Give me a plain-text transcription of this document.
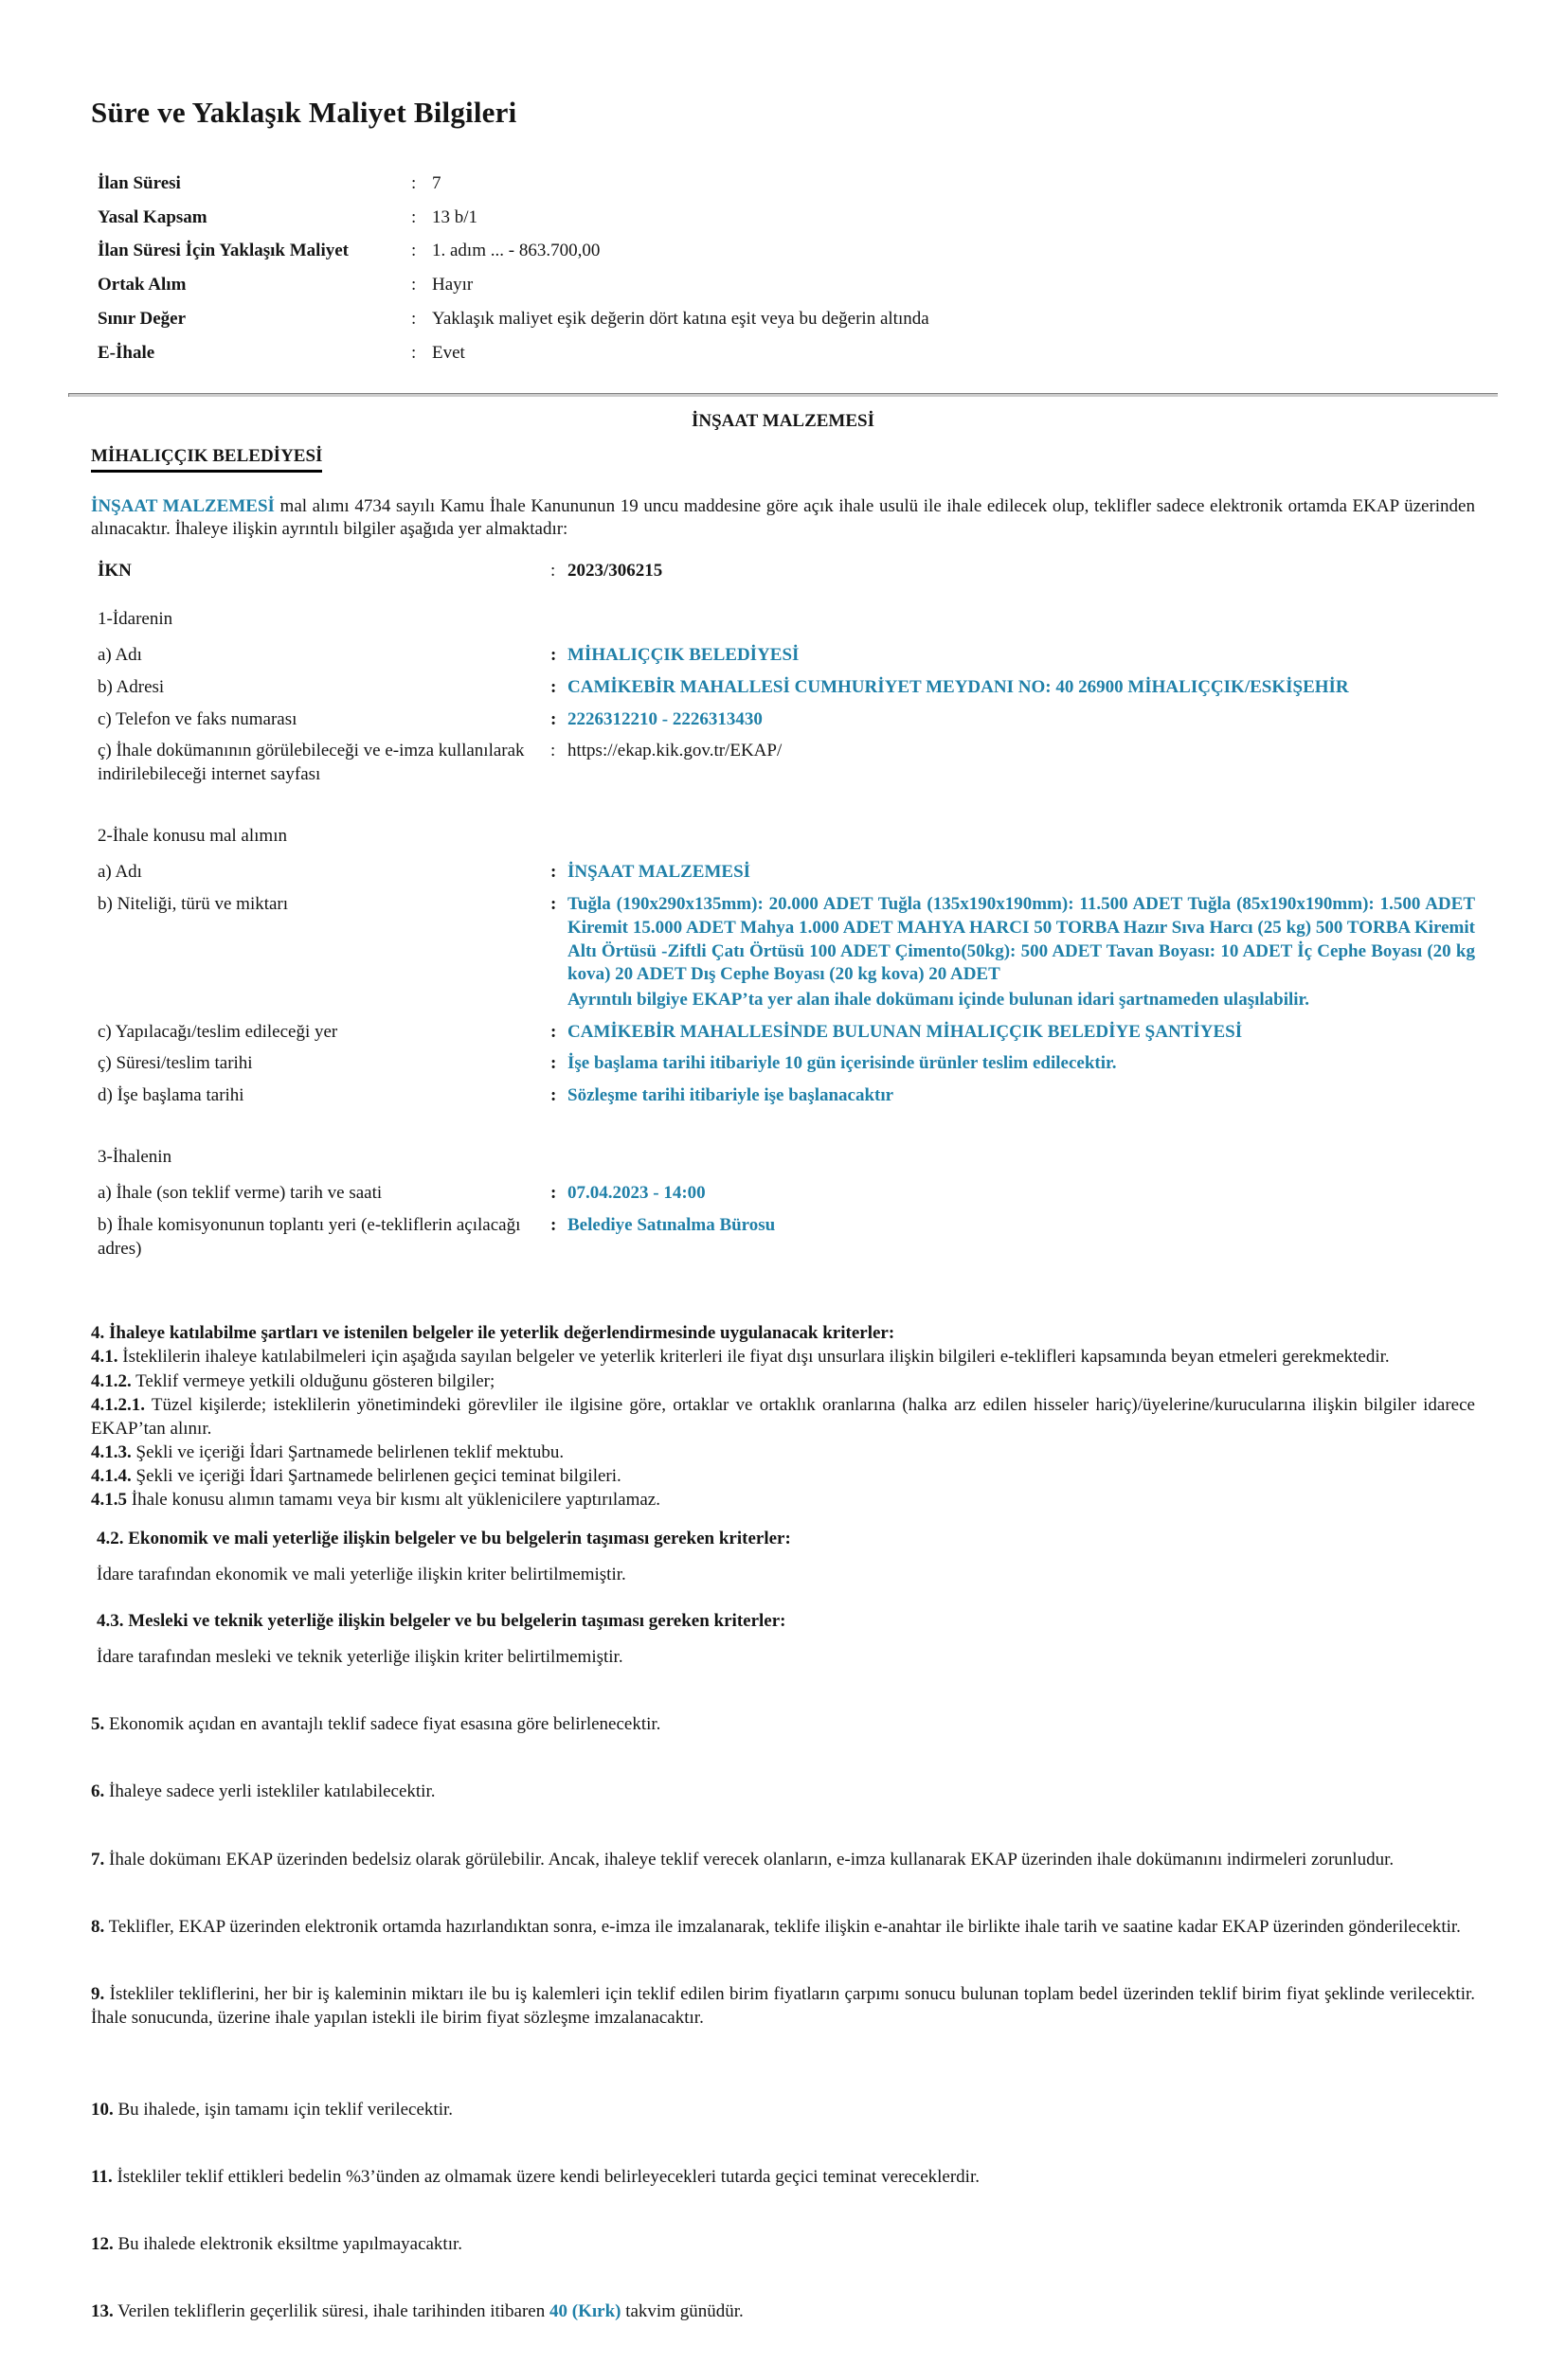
Süre ve Yaklaşık Maliyet Bilgileri
İlan Süresi	: 7
Yasal Kapsam	: 13 b/1
İlan Süresi İçin Yaklaşık Maliyet	: 1. adım ... - 863.700,00
Ortak Alım	: Hayır
Sınır Değer	: Yaklaşık maliyet eşik değerin dört katına eşit veya bu değerin altında
E-İhale	: Evet
İNŞAAT MALZEMESİ
MİHALIÇÇIK BELEDİYESİ

İNŞAAT MALZEMESİ mal alımı 4734 sayılı Kamu İhale Kanununun 19 uncu maddesine göre açık ihale usulü ile ihale edilecek olup, teklifler sadece elektronik ortamda EKAP üzerinden alınacaktır. İhaleye ilişkin ayrıntılı bilgiler aşağıda yer almaktadır:

İKN	: 2023/306215
1-İdarenin
a) Adı	: MİHALIÇÇIK BELEDİYESİ
b) Adresi	: CAMİKEBİR MAHALLESİ CUMHURİYET MEYDANI NO: 40 26900 MİHALIÇÇIK/ESKİŞEHİR
c) Telefon ve faks numarası	: 2226312210 - 2226313430
ç) İhale dokümanının görülebileceği ve e-imza kullanılarak indirilebileceği internet sayfası
: https://ekap.kik.gov.tr/EKAP/
2-İhale konusu mal alımın
a) Adı	: İNŞAAT MALZEMESİ
b) Niteliği, türü ve miktarı	: Tuğla (190x290x135mm): 20.000 ADET Tuğla (135x190x190mm): 11.500 ADET Tuğla (85x190x190mm): 1.500 ADET Kiremit 15.000 ADET Mahya 1.000 ADET MAHYA HARCI 50 TORBA Hazır Sıva Harcı (25 kg) 500 TORBA Kiremit Altı Örtüsü -Ziftli Çatı Örtüsü 100 ADET Çimento(50kg): 500 ADET Tavan Boyası: 10 ADET İç Cephe Boyası (20 kg kova) 20 ADET Dış Cephe Boyası (20 kg kova) 20 ADET
Ayrıntılı bilgiye EKAP’ta yer alan ihale dokümanı içinde bulunan idari şartnameden ulaşılabilir.
c) Yapılacağı/teslim edileceği yer	: CAMİKEBİR MAHALLESİNDE BULUNAN MİHALIÇÇIK BELEDİYE ŞANTİYESİ
ç) Süresi/teslim tarihi	: İşe başlama tarihi itibariyle 10 gün içerisinde ürünler teslim edilecektir.
d) İşe başlama tarihi	: Sözleşme tarihi itibariyle işe başlanacaktır
3-İhalenin
a) İhale (son teklif verme) tarih ve saati	: 07.04.2023 - 14:00
b) İhale komisyonunun toplantı yeri (e-tekliflerin açılacağı adres)
: Belediye Satınalma Bürosu

4. İhaleye katılabilme şartları ve istenilen belgeler ile yeterlik değerlendirmesinde uygulanacak kriterler:

4.1. İsteklilerin ihaleye katılabilmeleri için aşağıda sayılan belgeler ve yeterlik kriterleri ile fiyat dışı unsurlara ilişkin bilgileri e-teklifleri kapsamında beyan etmeleri gerekmektedir.

4.1.2. Teklif vermeye yetkili olduğunu gösteren bilgiler;

4.1.2.1. Tüzel kişilerde; isteklilerin yönetimindeki görevliler ile ilgisine göre, ortaklar ve ortaklık oranlarına (halka arz edilen hisseler hariç)/üyelerine/kurucularına ilişkin bilgiler idarece EKAP’tan alınır.

4.1.3. Şekli ve içeriği İdari Şartnamede belirlenen teklif mektubu.

4.1.4. Şekli ve içeriği İdari Şartnamede belirlenen geçici teminat bilgileri.

4.1.5 İhale konusu alımın tamamı veya bir kısmı alt yüklenicilere yaptırılamaz.

4.2. Ekonomik ve mali yeterliğe ilişkin belgeler ve bu belgelerin taşıması gereken kriterler:

İdare tarafından ekonomik ve mali yeterliğe ilişkin kriter belirtilmemiştir.

4.3. Mesleki ve teknik yeterliğe ilişkin belgeler ve bu belgelerin taşıması gereken kriterler:

İdare tarafından mesleki ve teknik yeterliğe ilişkin kriter belirtilmemiştir.

5. Ekonomik açıdan en avantajlı teklif sadece fiyat esasına göre belirlenecektir.

6. İhaleye sadece yerli istekliler katılabilecektir.

7. İhale dokümanı EKAP üzerinden bedelsiz olarak görülebilir. Ancak, ihaleye teklif verecek olanların, e-imza kullanarak EKAP üzerinden ihale dokümanını indirmeleri zorunludur.

8. Teklifler, EKAP üzerinden elektronik ortamda hazırlandıktan sonra, e-imza ile imzalanarak, teklife ilişkin e-anahtar ile birlikte ihale tarih ve saatine kadar EKAP üzerinden gönderilecektir.

9. İstekliler tekliflerini, her bir iş kaleminin miktarı ile bu iş kalemleri için teklif edilen birim fiyatların çarpımı sonucu bulunan toplam bedel üzerinden teklif birim fiyat şeklinde verilecektir. İhale sonucunda, üzerine ihale yapılan istekli ile birim fiyat sözleşme imzalanacaktır.

10. Bu ihalede, işin tamamı için teklif verilecektir.

11. İstekliler teklif ettikleri bedelin %3’ünden az olmamak üzere kendi belirleyecekleri tutarda geçici teminat vereceklerdir.

12. Bu ihalede elektronik eksiltme yapılmayacaktır.

13. Verilen tekliflerin geçerlilik süresi, ihale tarihinden itibaren 40 (Kırk) takvim günüdür.
